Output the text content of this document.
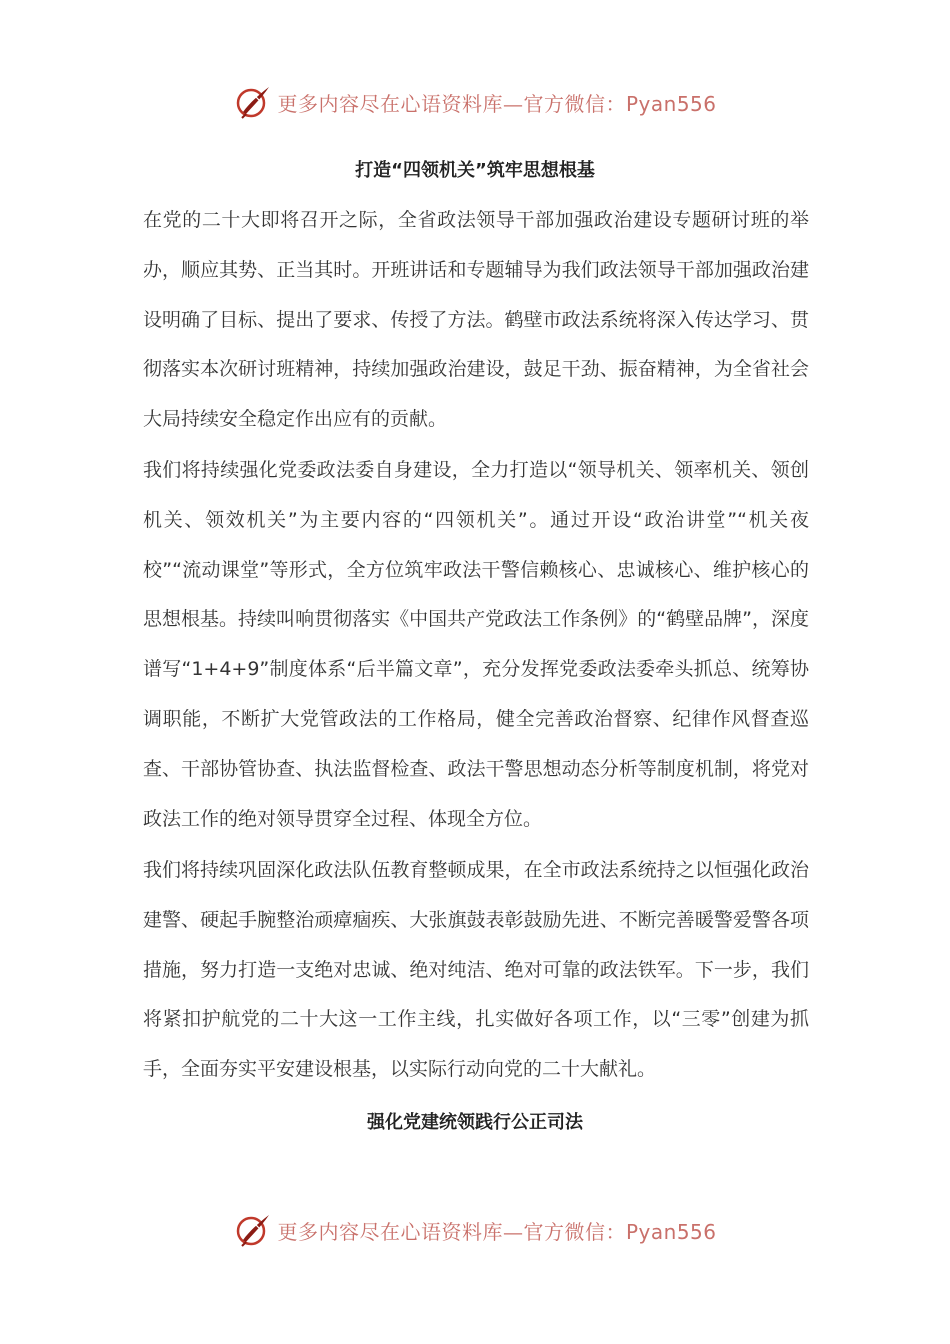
更多内容尽在心语资料库—官方微信：Pyan556
打造“四领机关”筑牢思想根基

在党的二十大即将召开之际，全省政法领导干部加强政治建设专题研讨班的举办，顺应其势、正当其时。开班讲话和专题辅导为我们政法领导干部加强政治建设明确了目标、提出了要求、传授了方法。鹤壁市政法系统将深入传达学习、贯彻落实本次研讨班精神，持续加强政治建设，鼓足干劲、振奋精神，为全省社会大局持续安全稳定作出应有的贡献。

我们将持续强化党委政法委自身建设，全力打造以“领导机关、领率机关、领创机关、领效机关”为主要内容的“四领机关”。通过开设“政治讲堂”“机关夜校”“流动课堂”等形式，全方位筑牢政法干警信赖核心、忠诚核心、维护核心的思想根基。持续叫响贯彻落实《中国共产党政法工作条例》的“鹤壁品牌”，深度谱写“1+4+9”制度体系“后半篇文章”，充分发挥党委政法委牵头抓总、统筹协调职能，不断扩大党管政法的工作格局，健全完善政治督察、纪律作风督查巡查、干部协管协查、执法监督检查、政法干警思想动态分析等制度机制，将党对政法工作的绝对领导贯穿全过程、体现全方位。

我们将持续巩固深化政法队伍教育整顿成果，在全市政法系统持之以恒强化政治建警、硬起手腕整治顽瘴痼疾、大张旗鼓表彰鼓励先进、不断完善暖警爱警各项措施，努力打造一支绝对忠诚、绝对纯洁、绝对可靠的政法铁军。下一步，我们将紧扣护航党的二十大这一工作主线，扎实做好各项工作，以“三零”创建为抓手，全面夯实平安建设根基，以实际行动向党的二十大献礼。

强化党建统领践行公正司法
更多内容尽在心语资料库—官方微信：Pyan556
